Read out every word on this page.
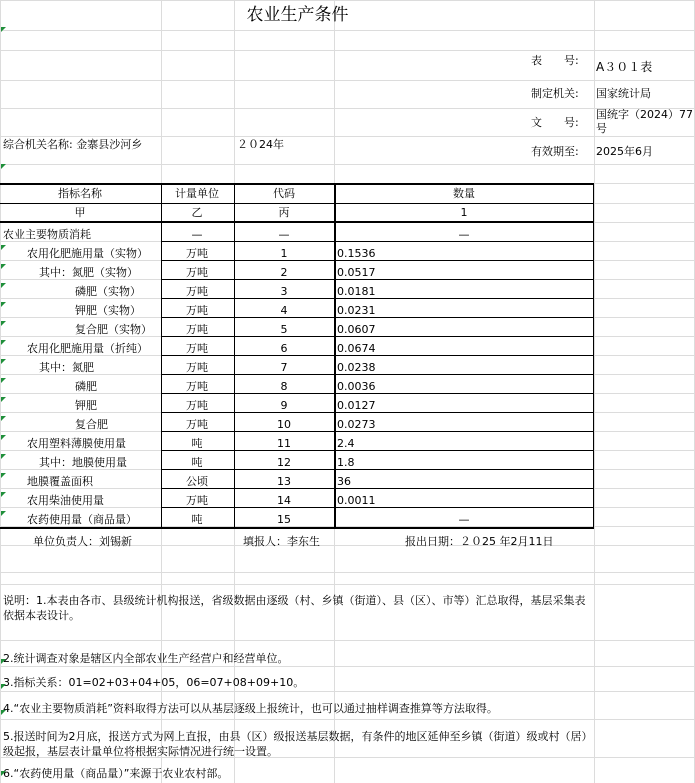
农业生产条件
表　　号: A３０１表
制定机关: 国家统计局
文　　号:
国统字（2024）77号
有效期至: 2025年6月
综合机关名称: 金寨县沙河乡	２０24年
指标名称	计量单位	代码	数量
甲	乙	丙	1
农业主要物质消耗	—	—	—
农用化肥施用量（实物）	万吨	1	0.1536
其中：氮肥（实物）	万吨	2	0.0517
磷肥（实物）	万吨	3	0.0181
钾肥（实物）	万吨	4	0.0231
复合肥（实物）	万吨	5	0.0607
农用化肥施用量（折纯）	万吨	6	0.0674
其中：氮肥	万吨	7	0.0238
磷肥	万吨	8	0.0036
钾肥	万吨	9	0.0127
复合肥	万吨	10	0.0273
农用塑料薄膜使用量	吨	11	2.4
其中：地膜使用量	吨	12	1.8
地膜覆盖面积	公顷	13	36
农用柴油使用量	万吨	14	0.0011
农药使用量（商品量）	吨	15	—
单位负责人：刘锡新	填报人：李东生	报出日期：２０25 年2月11日
说明：1.本表由各市、县级统计机构报送，省级数据由逐级（村、乡镇（街道）、县（区）、市等）汇总取得，基层采集表依据本表设计。
2.统计调查对象是辖区内全部农业生产经营户和经营单位。
3.指标关系：01=02+03+04+05，06=07+08+09+10。
4.“农业主要物质消耗”资料取得方法可以从基层逐级上报统计，也可以通过抽样调查推算等方法取得。
5.报送时间为2月底，报送方式为网上直报，由县（区）级报送基层数据，有条件的地区延伸至乡镇（街道）级或村（居）级起报，基层表计量单位将根据实际情况进行统一设置。
6.“农药使用量（商品量）”来源于农业农村部。
